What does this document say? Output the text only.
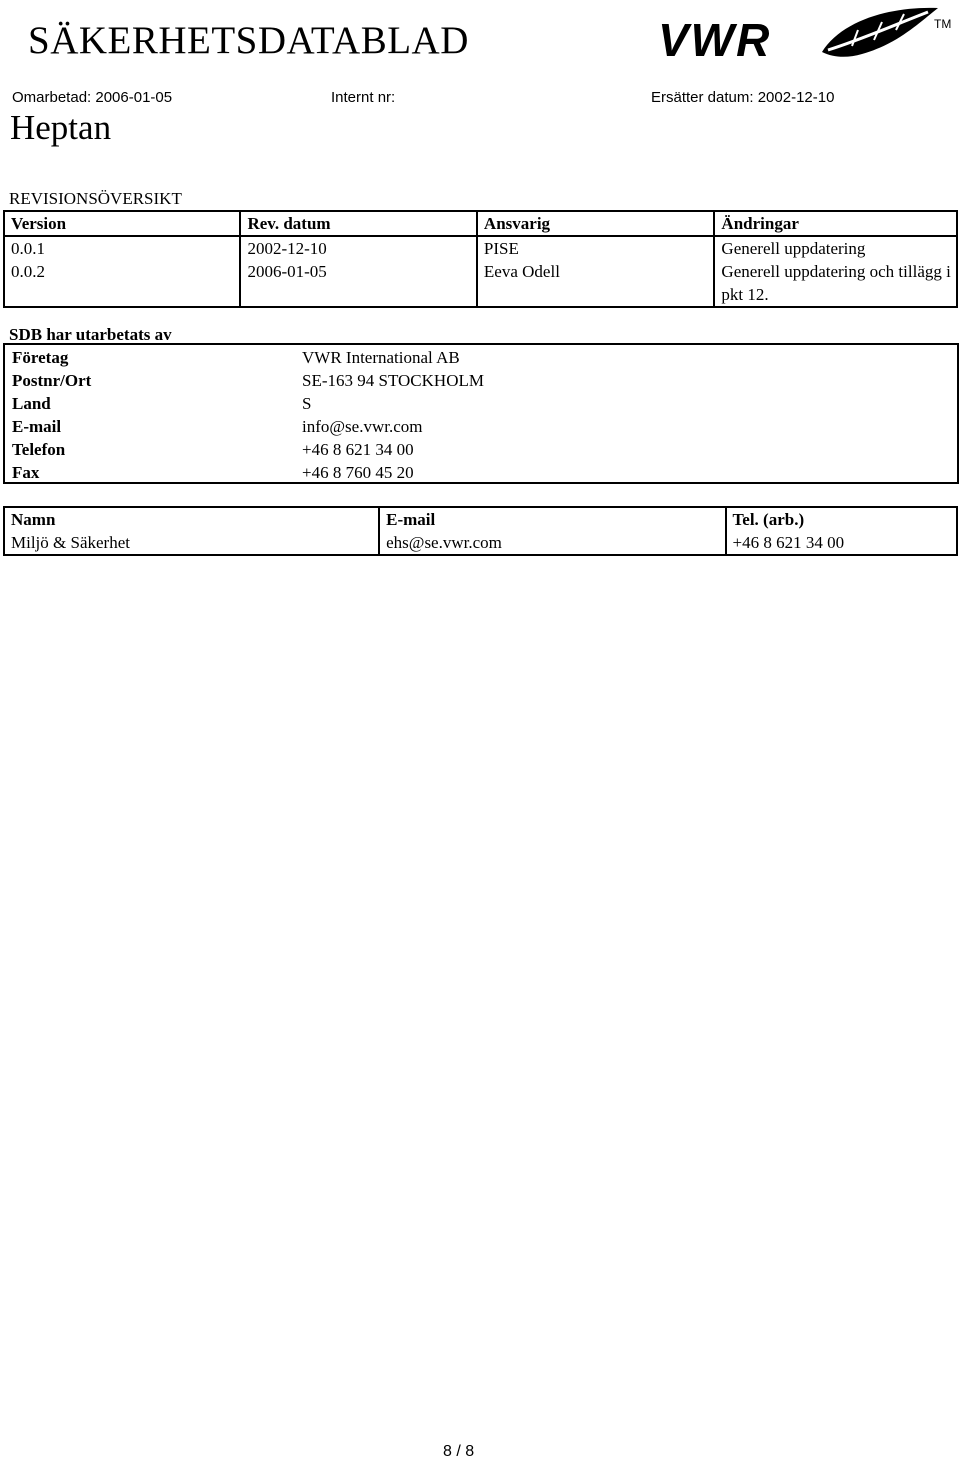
SÄKERHETSDATABLAD	VWR	TM
Omarbetad: 2006-01-05	Internt nr:	Ersätter datum: 2002-12-10
Heptan
REVISIONSÖVERSIKT
Version	Rev. datum	Ansvarig	Ändringar
0.0.1	2002-12-10	PISE	Generell uppdatering
0.0.2	2006-01-05	Eeva Odell	Generell uppdatering och tillägg i pkt 12.
SDB har utarbetats av
Företag	VWR International AB
Postnr/Ort	SE-163 94 STOCKHOLM
Land	S
E-mail	info@se.vwr.com
Telefon	+46 8 621 34 00
Fax	+46 8 760 45 20
Namn	E-mail	Tel. (arb.)
Miljö & Säkerhet	ehs@se.vwr.com	+46 8 621 34 00
8 / 8
